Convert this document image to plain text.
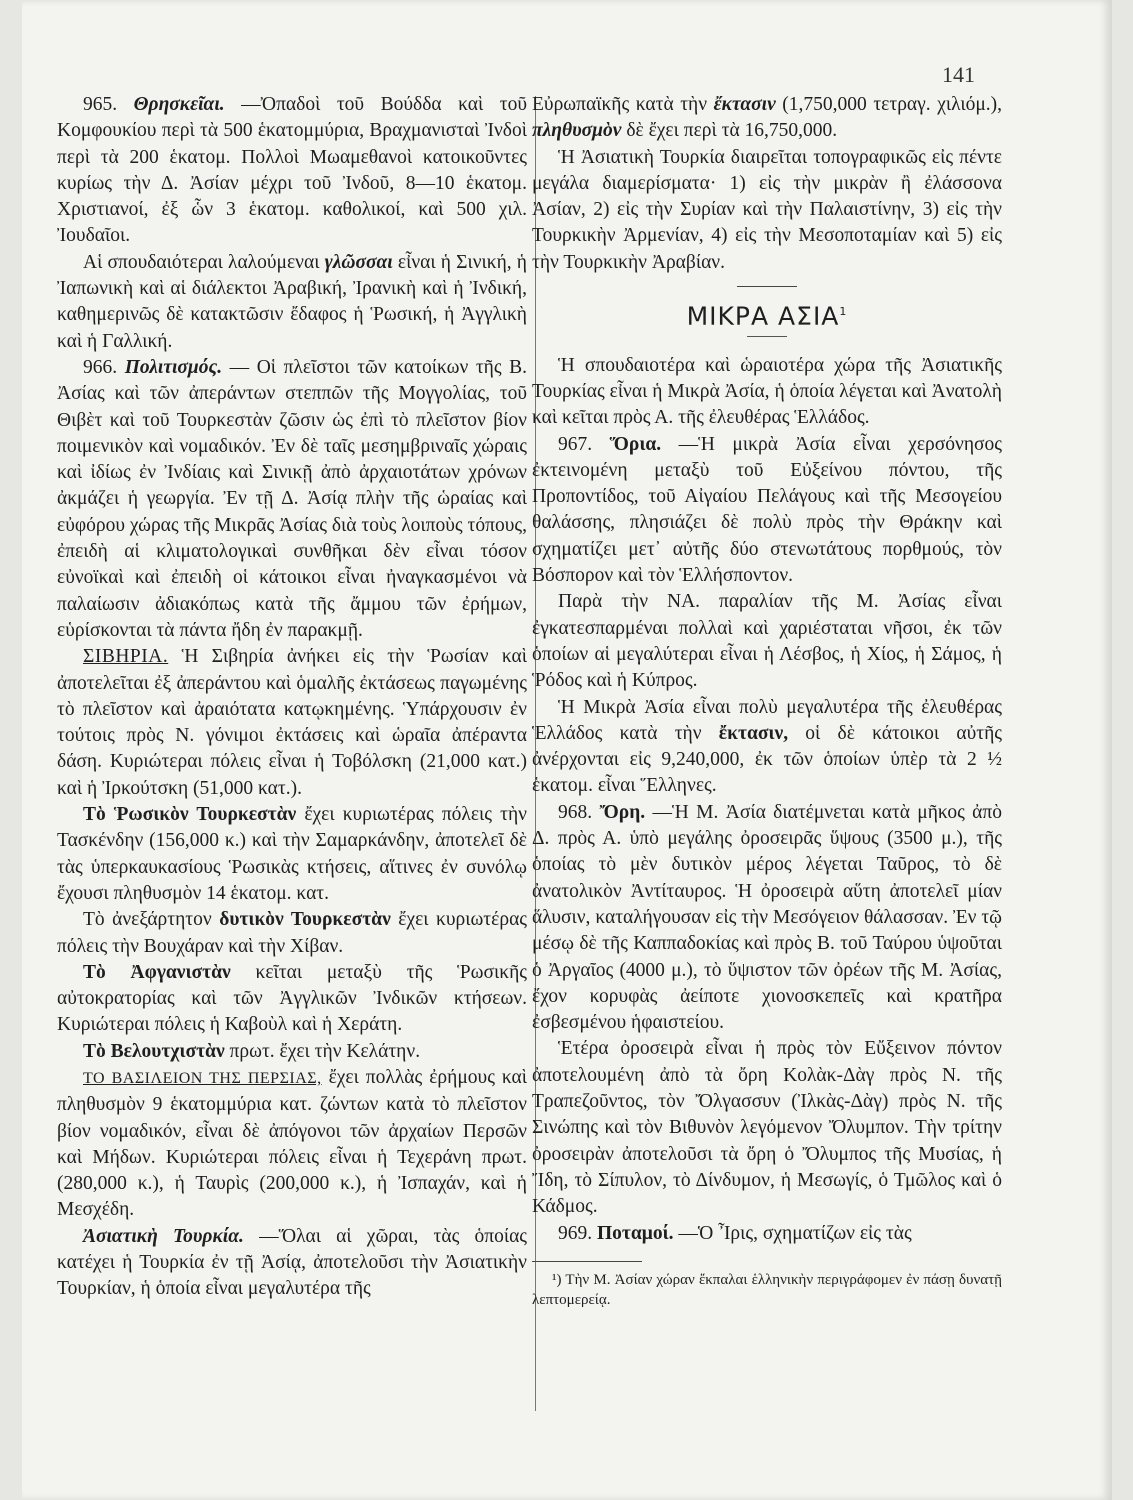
141

965. Θρησκεῖαι. —Ὀπαδοὶ τοῦ Βούδδα καὶ τοῦ Κομφουκίου περὶ τὰ 500 ἑκατομμύρια, Βραχμανισταὶ Ἰνδοὶ περὶ τὰ 200 ἑκατομ. Πολλοὶ Μωαμεθανοὶ κατοικοῦντες κυρίως τὴν Δ. Ἀσίαν μέχρι τοῦ Ἰνδοῦ, 8—10 ἑκατομ. Χριστιανοί, ἐξ ὧν 3 ἑκατομ. καθολικοί, καὶ 500 χιλ. Ἰουδαῖοι.

Αἱ σπουδαιότεραι λαλούμεναι γλῶσσαι εἶναι ἡ Σινική, ἡ Ἰαπωνικὴ καὶ αἱ διάλεκτοι Ἀραβική, Ἰρανικὴ καὶ ἡ Ἰνδική, καθημερινῶς δὲ κατακτῶσιν ἔδαφος ἡ Ῥωσική, ἡ Ἀγγλικὴ καὶ ἡ Γαλλική.

966. Πολιτισμός. — Οἱ πλεῖστοι τῶν κατοίκων τῆς Β. Ἀσίας καὶ τῶν ἀπεράντων στεππῶν τῆς Μογγολίας, τοῦ Θιβὲτ καὶ τοῦ Τουρκεστὰν ζῶσιν ὡς ἐπὶ τὸ πλεῖστον βίον ποιμενικὸν καὶ νομαδικόν. Ἐν δὲ ταῖς μεσημβριναῖς χώραις καὶ ἰδίως ἐν Ἰνδίαις καὶ Σινικῇ ἀπὸ ἀρχαιοτάτων χρόνων ἀκμάζει ἡ γεωργία. Ἐν τῇ Δ. Ἀσίᾳ πλὴν τῆς ὡραίας καὶ εὐφόρου χώρας τῆς Μικρᾶς Ἀσίας διὰ τοὺς λοιποὺς τόπους, ἐπειδὴ αἱ κλιματολογικαὶ συνθῆκαι δὲν εἶναι τόσον εὐνοϊκαὶ καὶ ἐπειδὴ οἱ κάτοικοι εἶναι ἠναγκασμένοι νὰ παλαίωσιν ἀδιακόπως κατὰ τῆς ἄμμου τῶν ἐρήμων, εὑρίσκονται τὰ πάντα ἤδη ἐν παρακμῇ.

ΣΙΒΗΡΙΑ. Ἡ Σιβηρία ἀνήκει εἰς τὴν Ῥωσίαν καὶ ἀποτελεῖται ἐξ ἀπεράντου καὶ ὁμαλῆς ἐκτάσεως παγωμένης τὸ πλεῖστον καὶ ἀραιότατα κατῳκημένης. Ὑπάρχουσιν ἐν τούτοις πρὸς Ν. γόνιμοι ἐκτάσεις καὶ ὡραῖα ἀπέραντα δάση. Κυριώτεραι πόλεις εἶναι ἡ Τοβόλσκη (21,000 κατ.) καὶ ἡ Ἰρκούτσκη (51,000 κατ.).

Τὸ Ῥωσικὸν Τουρκεστὰν ἔχει κυριωτέρας πόλεις τὴν Τασκένδην (156,000 κ.) καὶ τὴν Σαμαρκάνδην, ἀποτελεῖ δὲ τὰς ὑπερκαυκασίους Ῥωσικὰς κτήσεις, αἵτινες ἐν συνόλῳ ἔχουσι πληθυσμὸν 14 ἑκατομ. κατ.

Τὸ ἀνεξάρτητον δυτικὸν Τουρκεστὰν ἔχει κυριωτέρας πόλεις τὴν Βουχάραν καὶ τὴν Χίβαν.

Τὸ Ἀφγανιστὰν κεῖται μεταξὺ τῆς Ῥωσικῆς αὐτοκρατορίας καὶ τῶν Ἀγγλικῶν Ἰνδικῶν κτήσεων. Κυριώτεραι πόλεις ἡ Καβοὺλ καὶ ἡ Χεράτη.

Τὸ Βελουτχιστὰν πρωτ. ἔχει τὴν Κελάτην.

ΤΟ ΒΑΣΙΛΕΙΟΝ ΤΗΣ ΠΕΡΣΙΑΣ, ἔχει πολλὰς ἐρήμους καὶ πληθυσμὸν 9 ἑκατομμύρια κατ. ζώντων κατὰ τὸ πλεῖστον βίον νομαδικόν, εἶναι δὲ ἀπόγονοι τῶν ἀρχαίων Περσῶν καὶ Μήδων. Κυριώτεραι πόλεις εἶναι ἡ Τεχεράνη πρωτ. (280,000 κ.), ἡ Ταυρὶς (200,000 κ.), ἡ Ἰσπαχάν, καὶ ἡ Μεσχέδη.

Ἀσιατικὴ Τουρκία. —Ὅλαι αἱ χῶραι, τὰς ὁποίας κατέχει ἡ Τουρκία ἐν τῇ Ἀσίᾳ, ἀποτελοῦσι τὴν Ἀσιατικὴν Τουρκίαν, ἡ ὁποία εἶναι μεγαλυτέρα τῆς

Εὐρωπαϊκῆς κατὰ τὴν ἔκτασιν (1,750,000 τετραγ. χιλιόμ.), πληθυσμὸν δὲ ἔχει περὶ τὰ 16,750,000.

Ἡ Ἀσιατικὴ Τουρκία διαιρεῖται τοπογραφικῶς εἰς πέντε μεγάλα διαμερίσματα· 1) εἰς τὴν μικρὰν ἢ ἐλάσσονα Ἀσίαν, 2) εἰς τὴν Συρίαν καὶ τὴν Παλαιστίνην, 3) εἰς τὴν Τουρκικὴν Ἀρμενίαν, 4) εἰς τὴν Μεσοποταμίαν καὶ 5) εἰς τὴν Τουρκικὴν Ἀραβίαν.

ΜΙΚΡΑ ΑΣΙΑ$^1$

Ἡ σπουδαιοτέρα καὶ ὡραιοτέρα χώρα τῆς Ἀσιατικῆς Τουρκίας εἶναι ἡ Μικρὰ Ἀσία, ἡ ὁποία λέγεται καὶ Ἀνατολὴ καὶ κεῖται πρὸς Α. τῆς ἐλευθέρας Ἑλλάδος.

967. Ὅρια. —Ἡ μικρὰ Ἀσία εἶναι χερσόνησος ἐκτεινομένη μεταξὺ τοῦ Εὐξείνου πόντου, τῆς Προποντίδος, τοῦ Αἰγαίου Πελάγους καὶ τῆς Μεσογείου θαλάσσης, πλησιάζει δὲ πολὺ πρὸς τὴν Θράκην καὶ σχηματίζει μετ᾽ αὐτῆς δύο στενωτάτους πορθμούς, τὸν Βόσπορον καὶ τὸν Ἑλλήσποντον.

Παρὰ τὴν ΝΑ. παραλίαν τῆς Μ. Ἀσίας εἶναι ἐγκατεσπαρμέναι πολλαὶ καὶ χαριέσταται νῆσοι, ἐκ τῶν ὁποίων αἱ μεγαλύτεραι εἶναι ἡ Λέσβος, ἡ Χίος, ἡ Σάμος, ἡ Ῥόδος καὶ ἡ Κύπρος.

Ἡ Μικρὰ Ἀσία εἶναι πολὺ μεγαλυτέρα τῆς ἐλευθέρας Ἑλλάδος κατὰ τὴν ἔκτασιν, οἱ δὲ κάτοικοι αὐτῆς ἀνέρχονται εἰς 9,240,000, ἐκ τῶν ὁποίων ὑπὲρ τὰ 2 ½ ἑκατομ. εἶναι Ἕλληνες.

968. Ὄρη. —Ἡ Μ. Ἀσία διατέμνεται κατὰ μῆκος ἀπὸ Δ. πρὸς Α. ὑπὸ μεγάλης ὀροσειρᾶς ὕψους (3500 μ.), τῆς ὁποίας τὸ μὲν δυτικὸν μέρος λέγεται Ταῦρος, τὸ δὲ ἀνατολικὸν Ἀντίταυρος. Ἡ ὀροσειρὰ αὕτη ἀποτελεῖ μίαν ἅλυσιν, καταλήγουσαν εἰς τὴν Μεσόγειον θάλασσαν. Ἐν τῷ μέσῳ δὲ τῆς Καππαδοκίας καὶ πρὸς Β. τοῦ Ταύρου ὑψοῦται ὁ Ἀργαῖος (4000 μ.), τὸ ὕψιστον τῶν ὀρέων τῆς Μ. Ἀσίας, ἔχον κορυφὰς ἀείποτε χιονοσκεπεῖς καὶ κρατῆρα ἐσβεσμένου ἡφαιστείου.

Ἑτέρα ὀροσειρὰ εἶναι ἡ πρὸς τὸν Εὔξεινον πόντον ἀποτελουμένη ἀπὸ τὰ ὄρη Κολὰκ-Δὰγ πρὸς Ν. τῆς Τραπεζοῦντος, τὸν Ὄλγασσυν (Ἰλκὰς-Δὰγ) πρὸς Ν. τῆς Σινώπης καὶ τὸν Βιθυνὸν λεγόμενον Ὄλυμπον. Τὴν τρίτην ὀροσειρὰν ἀποτελοῦσι τὰ ὄρη ὁ Ὄλυμπος τῆς Μυσίας, ἡ Ἴδη, τὸ Σίπυλον, τὸ Δίνδυμον, ἡ Μεσωγίς, ὁ Τμῶλος καὶ ὁ Κάδμος.

969. Ποταμοί. —Ὁ Ἶρις, σχηματίζων εἰς τὰς

¹) Τὴν Μ. Ἀσίαν χώραν ἔκπαλαι ἑλληνικὴν περιγράφομεν ἐν πάσῃ δυνατῇ λεπτομερείᾳ.
